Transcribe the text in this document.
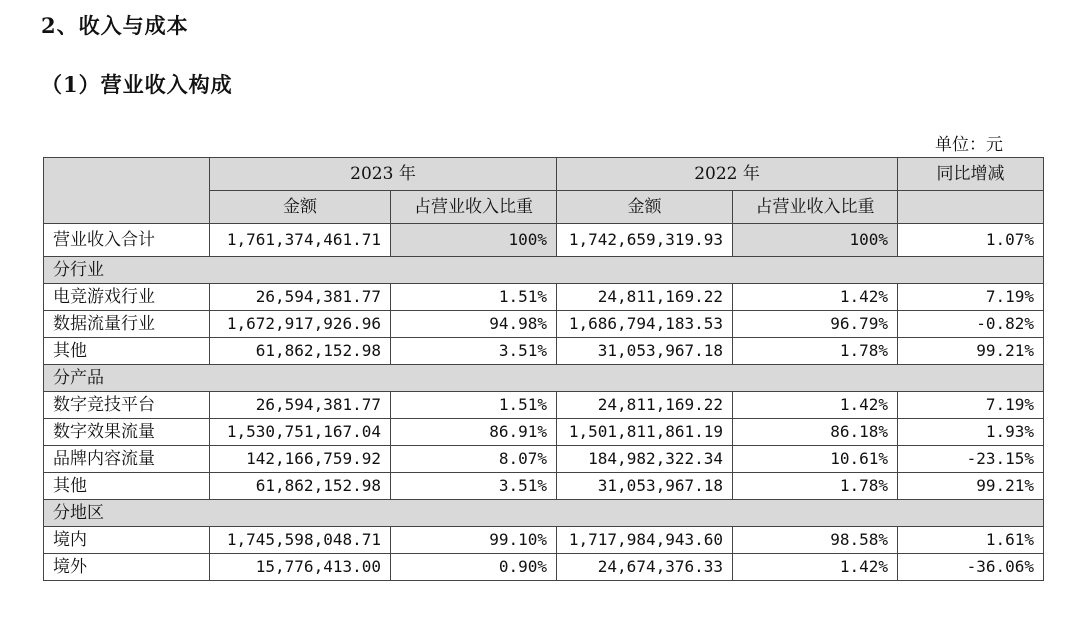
2、收入与成本
（1）营业收入构成
单位：元
	2023 年		2022 年		同比增减
	金额	占营业收入比重	金额	占营业收入比重	
营业收入合计	1,761,374,461.71	100%	1,742,659,319.93	100%	1.07%
分行业					
电竞游戏行业	26,594,381.77	1.51%	24,811,169.22	1.42%	7.19%
数据流量行业	1,672,917,926.96	94.98%	1,686,794,183.53	96.79%	-0.82%
其他	61,862,152.98	3.51%	31,053,967.18	1.78%	99.21%
分产品					
数字竞技平台	26,594,381.77	1.51%	24,811,169.22	1.42%	7.19%
数字效果流量	1,530,751,167.04	86.91%	1,501,811,861.19	86.18%	1.93%
品牌内容流量	142,166,759.92	8.07%	184,982,322.34	10.61%	-23.15%
其他	61,862,152.98	3.51%	31,053,967.18	1.78%	99.21%
分地区					
境内	1,745,598,048.71	99.10%	1,717,984,943.60	98.58%	1.61%
境外	15,776,413.00	0.90%	24,674,376.33	1.42%	-36.06%
